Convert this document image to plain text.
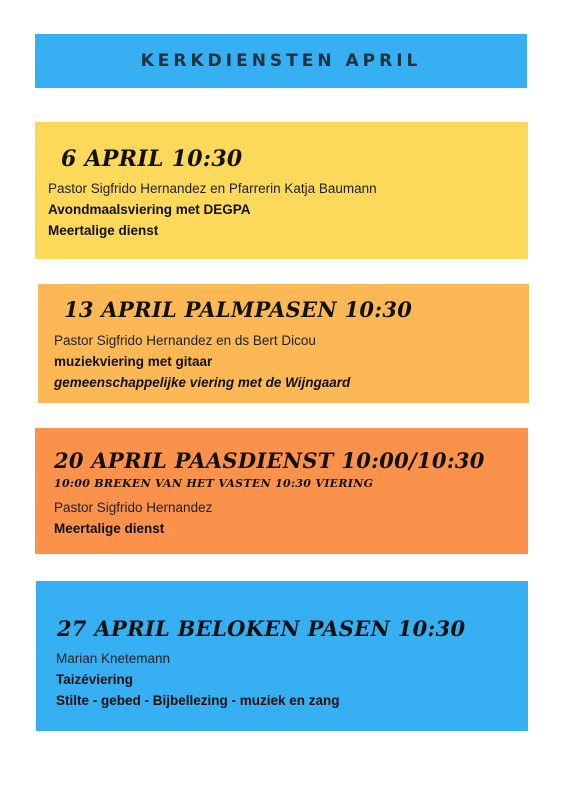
KERKDIENSTEN APRIL
6 APRIL 10:30
Pastor Sigfrido Hernandez en Pfarrerin Katja Baumann
Avondmaalsviering met DEGPA
Meertalige dienst
13 APRIL PALMPASEN 10:30
Pastor Sigfrido Hernandez en ds Bert Dicou
muziekviering met gitaar
gemeenschappelijke viering met de Wijngaard
20 APRIL PAASDIENST 10:00/10:30
10:00 BREKEN VAN HET VASTEN 10:30 VIERING
Pastor Sigfrido Hernandez
Meertalige dienst
27 APRIL BELOKEN PASEN 10:30
Marian Knetemann
Taizéviering
Stilte - gebed - Bijbellezing - muziek en zang
